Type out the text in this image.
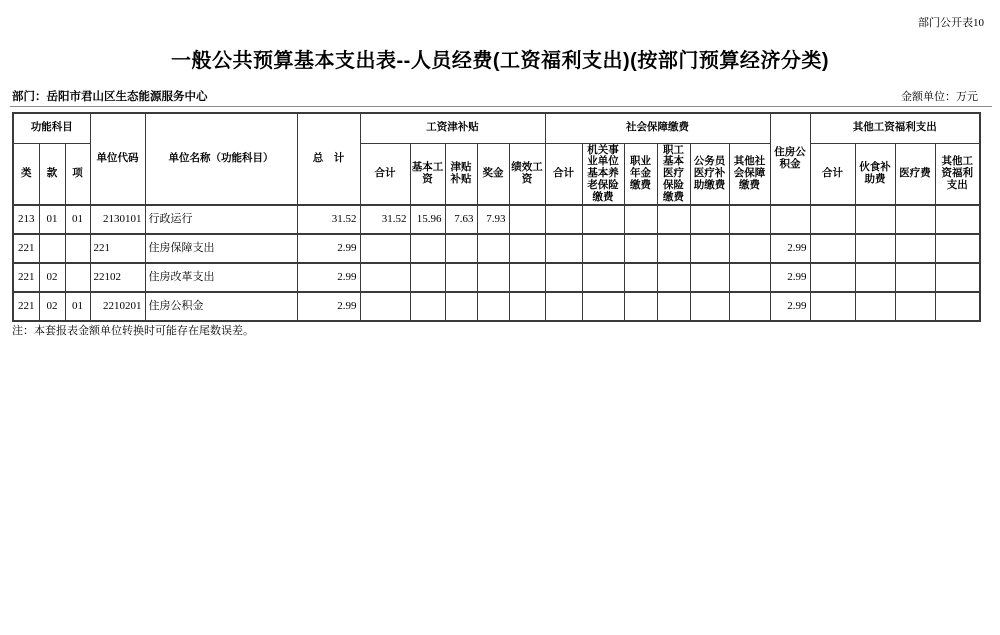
部门公开表10
一般公共预算基本支出表--人员经费(工资福利支出)(按部门预算经济分类)
部门：岳阳市君山区生态能源服务中心	金额单位：万元
功能科目			单位代码	单位名称（功能科目）	总　计	工资津补贴					社会保障缴费						住房公积金	其他工资福利支出			
类	款	项				合计	基本工资	津贴补贴	奖金	绩效工资	合计	机关事业单位基本养老保险缴费	职业年金缴费	职工基本医疗保险缴费	公务员医疗补助缴费	其他社会保障缴费		合计	伙食补助费	医疗费	其他工资福利支出
213	01	01	2130101	行政运行	31.52	31.52	15.96	7.63	7.93												
221			221	住房保障支出	2.99												2.99				
221	02		22102	住房改革支出	2.99												2.99				
221	02	01	2210201	住房公积金	2.99												2.99				
注：本套报表金额单位转换时可能存在尾数误差。
